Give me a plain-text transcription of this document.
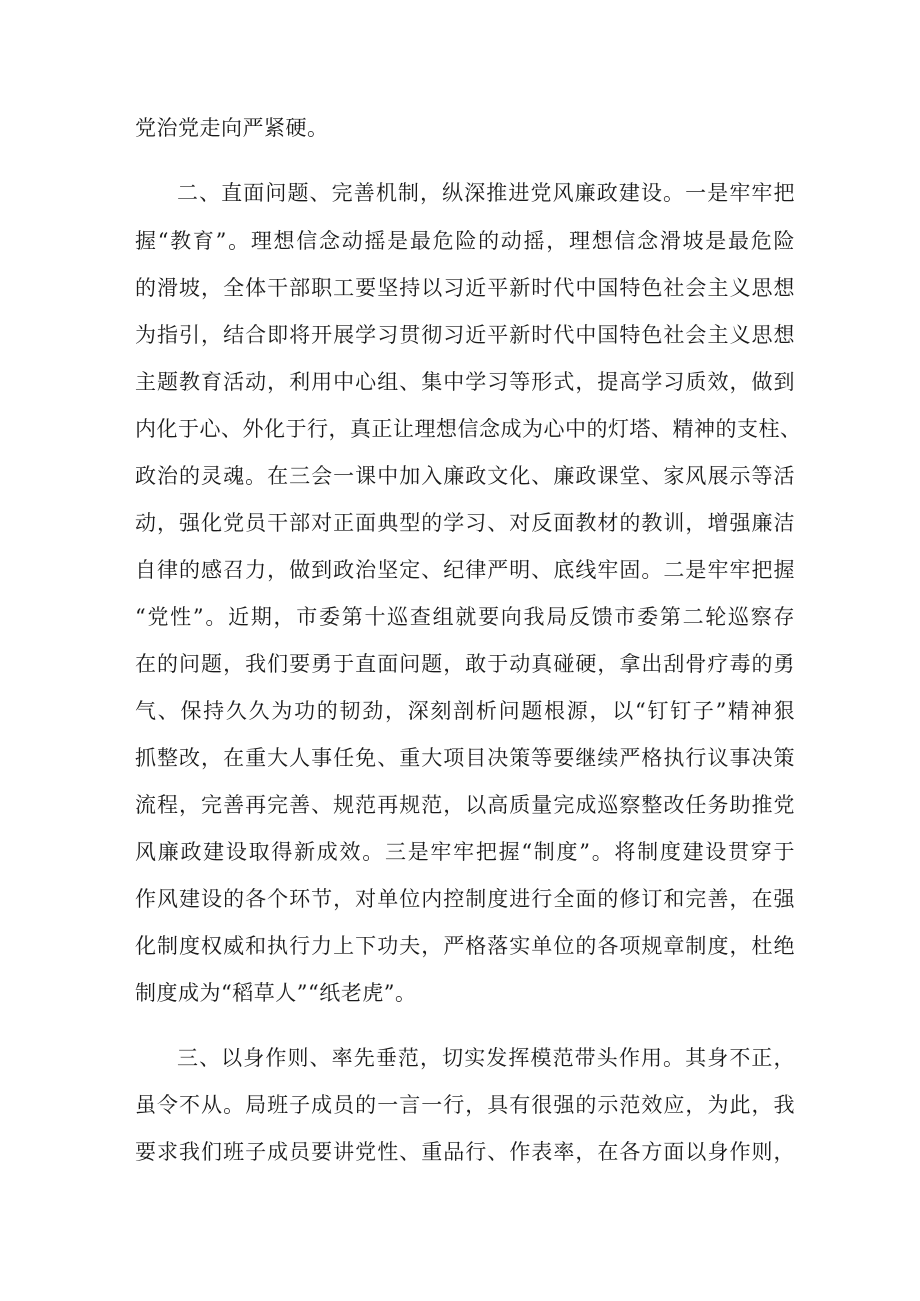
党治党走向严紧硬。

二、直面问题、完善机制，纵深推进党风廉政建设。一是牢牢把

握“教育”。理想信念动摇是最危险的动摇，理想信念滑坡是最危险

的滑坡，全体干部职工要坚持以习近平新时代中国特色社会主义思想

为指引，结合即将开展学习贯彻习近平新时代中国特色社会主义思想

主题教育活动，利用中心组、集中学习等形式，提高学习质效，做到

内化于心、外化于行，真正让理想信念成为心中的灯塔、精神的支柱、

政治的灵魂。在三会一课中加入廉政文化、廉政课堂、家风展示等活

动，强化党员干部对正面典型的学习、对反面教材的教训，增强廉洁

自律的感召力，做到政治坚定、纪律严明、底线牢固。二是牢牢把握

“党性”。近期，市委第十巡查组就要向我局反馈市委第二轮巡察存

在的问题，我们要勇于直面问题，敢于动真碰硬，拿出刮骨疗毒的勇

气、保持久久为功的韧劲，深刻剖析问题根源，以“钉钉子”精神狠

抓整改，在重大人事任免、重大项目决策等要继续严格执行议事决策

流程，完善再完善、规范再规范，以高质量完成巡察整改任务助推党

风廉政建设取得新成效。三是牢牢把握“制度”。将制度建设贯穿于

作风建设的各个环节，对单位内控制度进行全面的修订和完善，在强

化制度权威和执行力上下功夫，严格落实单位的各项规章制度，杜绝

制度成为“稻草人”“纸老虎”。

三、以身作则、率先垂范，切实发挥模范带头作用。其身不正，

虽令不从。局班子成员的一言一行，具有很强的示范效应，为此，我

要求我们班子成员要讲党性、重品行、作表率，在各方面以身作则，
